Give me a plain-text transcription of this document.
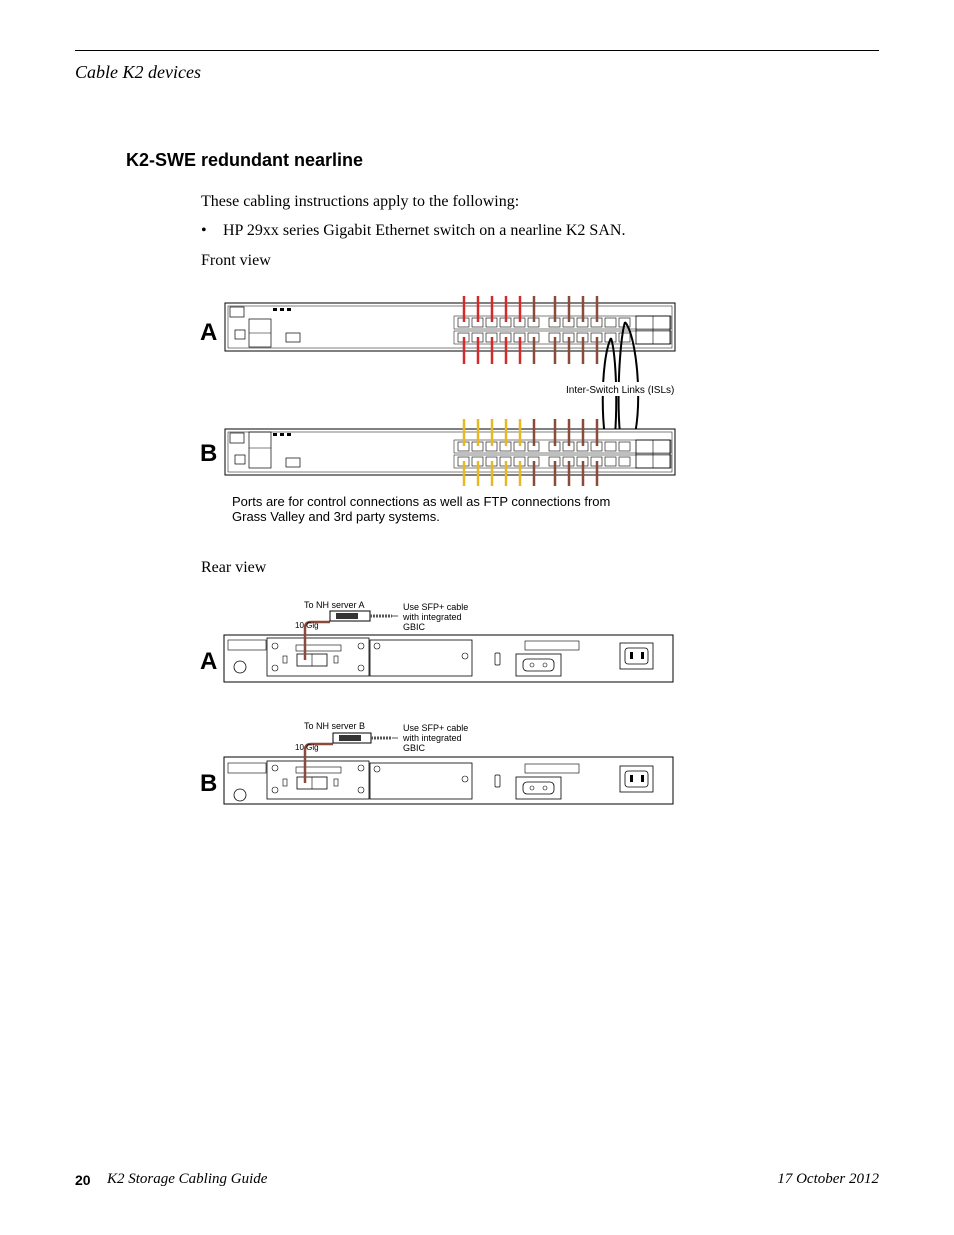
Cable K2 devices
K2-SWE redundant nearline
These cabling instructions apply to the following:
• HP 29xx series Gigabit Ethernet switch on a nearline K2 SAN.
Front view
Rear view
A
Inter-Switch Links (ISLs)
B
Ports are for control connections as well as FTP connections from
Grass Valley and 3rd party systems.
A
To NH server A
10 Gig
Use SFP+ cable
with integrated
GBIC
B
To NH server B
10 Gig
Use SFP+ cable
with integrated
GBIC
20 K2 Storage Cabling Guide	17 October 2012
